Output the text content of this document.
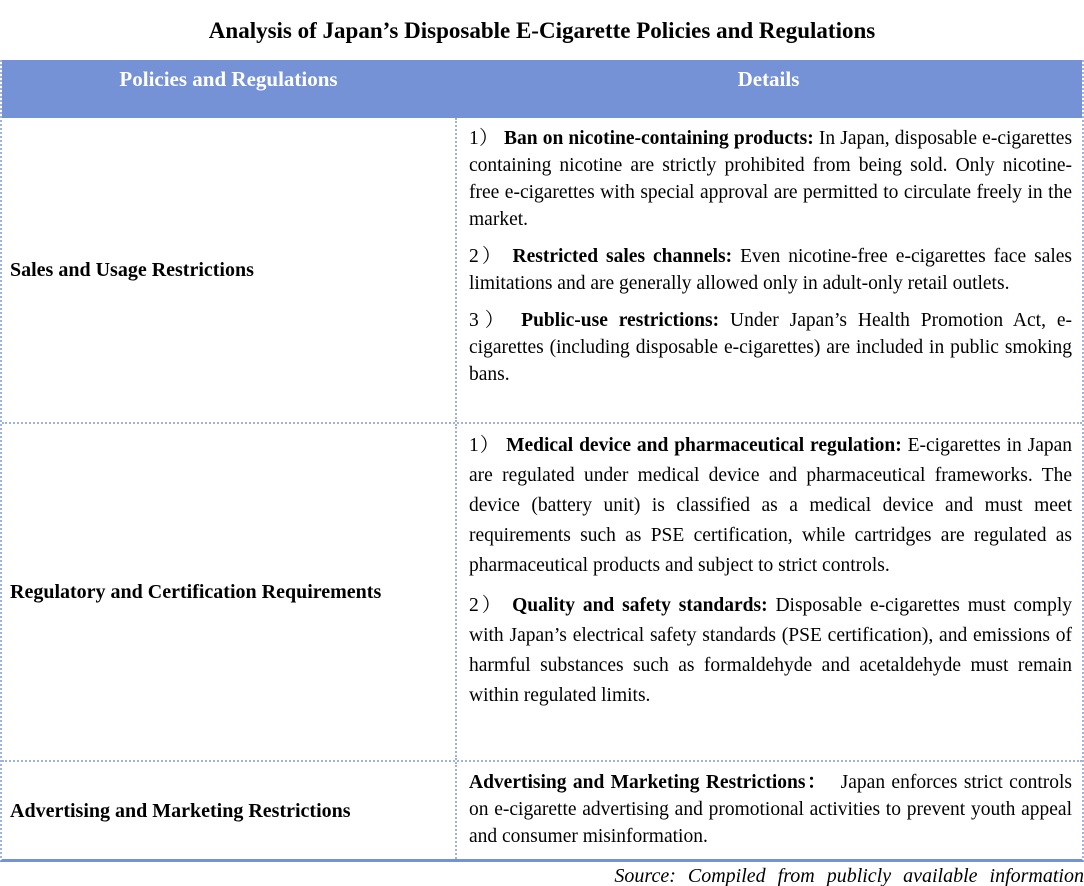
Analysis of Japan’s Disposable E-Cigarette Policies and Regulations
Policies and Regulations	Details
Sales and Usage Restrictions

1） Ban on nicotine-containing products: In Japan, disposable e-cigarettes containing nicotine are strictly prohibited from being sold. Only nicotine-free e-cigarettes with special approval are permitted to circulate freely in the market.

2） Restricted sales channels: Even nicotine-free e-cigarettes face sales limitations and are generally allowed only in adult-only retail outlets.

3） Public-use restrictions: Under Japan’s Health Promotion Act, e-cigarettes (including disposable e-cigarettes) are included in public smoking bans.

Regulatory and Certification Requirements

1） Medical device and pharmaceutical regulation: E-cigarettes in Japan are regulated under medical device and pharmaceutical frameworks. The device (battery unit) is classified as a medical device and must meet requirements such as PSE certification, while cartridges are regulated as pharmaceutical products and subject to strict controls.

2） Quality and safety standards: Disposable e-cigarettes must comply with Japan’s electrical safety standards (PSE certification), and emissions of harmful substances such as formaldehyde and acetaldehyde must remain within regulated limits.

Advertising and Marketing Restrictions

Advertising and Marketing Restrictions： Japan enforces strict controls on e-cigarette advertising and promotional activities to prevent youth appeal and consumer misinformation.

Source: Compiled from publicly available information
